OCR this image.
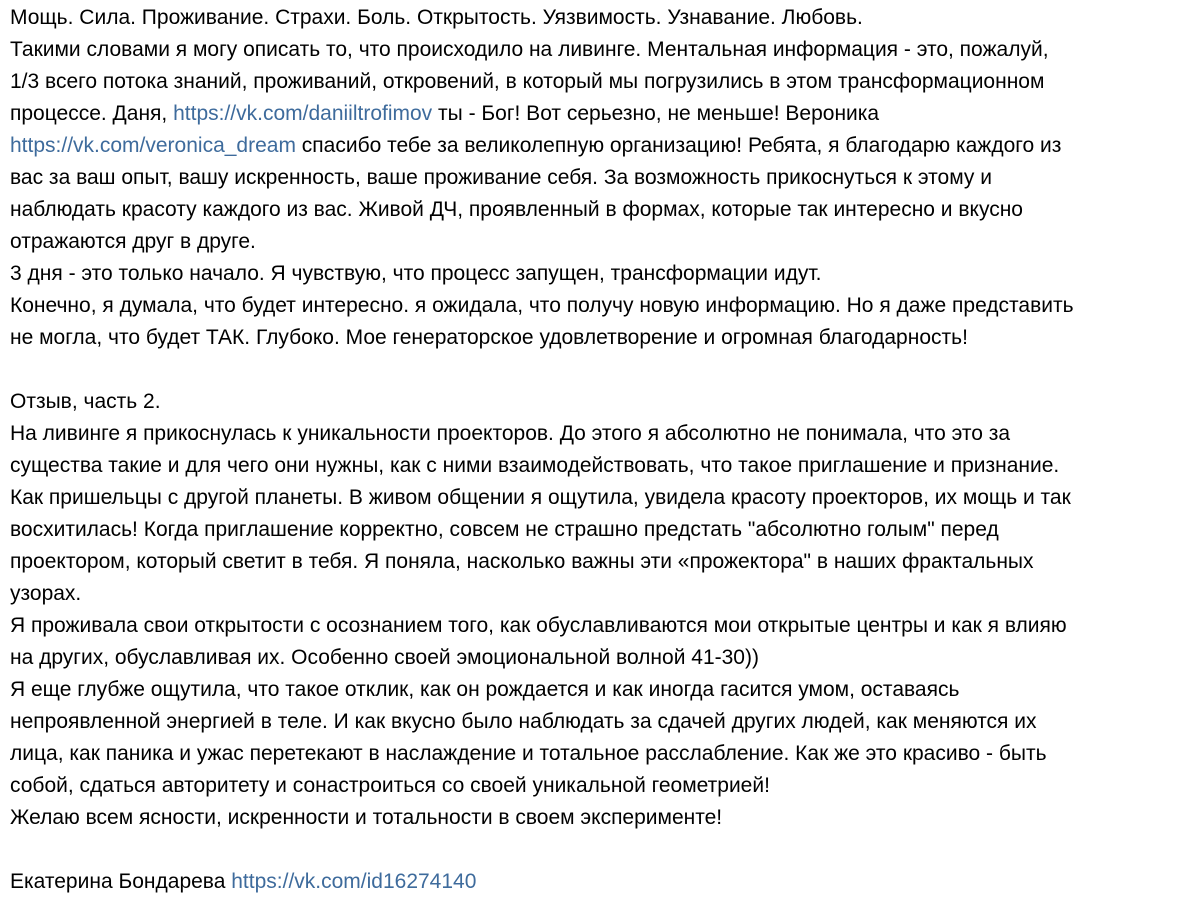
Мощь. Сила. Проживание. Страхи. Боль. Открытость. Уязвимость. Узнавание. Любовь.
Такими словами я могу описать то, что происходило на ливинге. Ментальная информация - это, пожалуй,
1/3 всего потока знаний, проживаний, откровений, в который мы погрузились в этом трансформационном
процессе. Даня, https://vk.com/daniiltrofimov ты - Бог! Вот серьезно, не меньше! Вероника
https://vk.com/veronica_dream спасибо тебе за великолепную организацию! Ребята, я благодарю каждого из
вас за ваш опыт, вашу искренность, ваше проживание себя. За возможность прикоснуться к этому и
наблюдать красоту каждого из вас. Живой ДЧ, проявленный в формах, которые так интересно и вкусно
отражаются друг в друге.
3 дня - это только начало. Я чувствую, что процесс запущен, трансформации идут.
Конечно, я думала, что будет интересно. я ожидала, что получу новую информацию. Но я даже представить
не могла, что будет ТАК. Глубоко. Мое генераторское удовлетворение и огромная благодарность!

Отзыв, часть 2.
На ливинге я прикоснулась к уникальности проекторов. До этого я абсолютно не понимала, что это за
существа такие и для чего они нужны, как с ними взаимодействовать, что такое приглашение и признание.
Как пришельцы с другой планеты. В живом общении я ощутила, увидела красоту проекторов, их мощь и так
восхитилась! Когда приглашение корректно, совсем не страшно предстать "абсолютно голым" перед
проектором, который светит в тебя. Я поняла, насколько важны эти «прожектора" в наших фрактальных
узорах.
Я проживала свои открытости с осознанием того, как обуславливаются мои открытые центры и как я влияю
на других, обуславливая их. Особенно своей эмоциональной волной 41-30))
Я еще глубже ощутила, что такое отклик, как он рождается и как иногда гасится умом, оставаясь
непроявленной энергией в теле. И как вкусно было наблюдать за сдачей других людей, как меняются их
лица, как паника и ужас перетекают в наслаждение и тотальное расслабление. Как же это красиво - быть
собой, сдаться авторитету и сонастроиться со своей уникальной геометрией!
Желаю всем ясности, искренности и тотальности в своем эксперименте!

Екатерина Бондарева https://vk.com/id16274140
